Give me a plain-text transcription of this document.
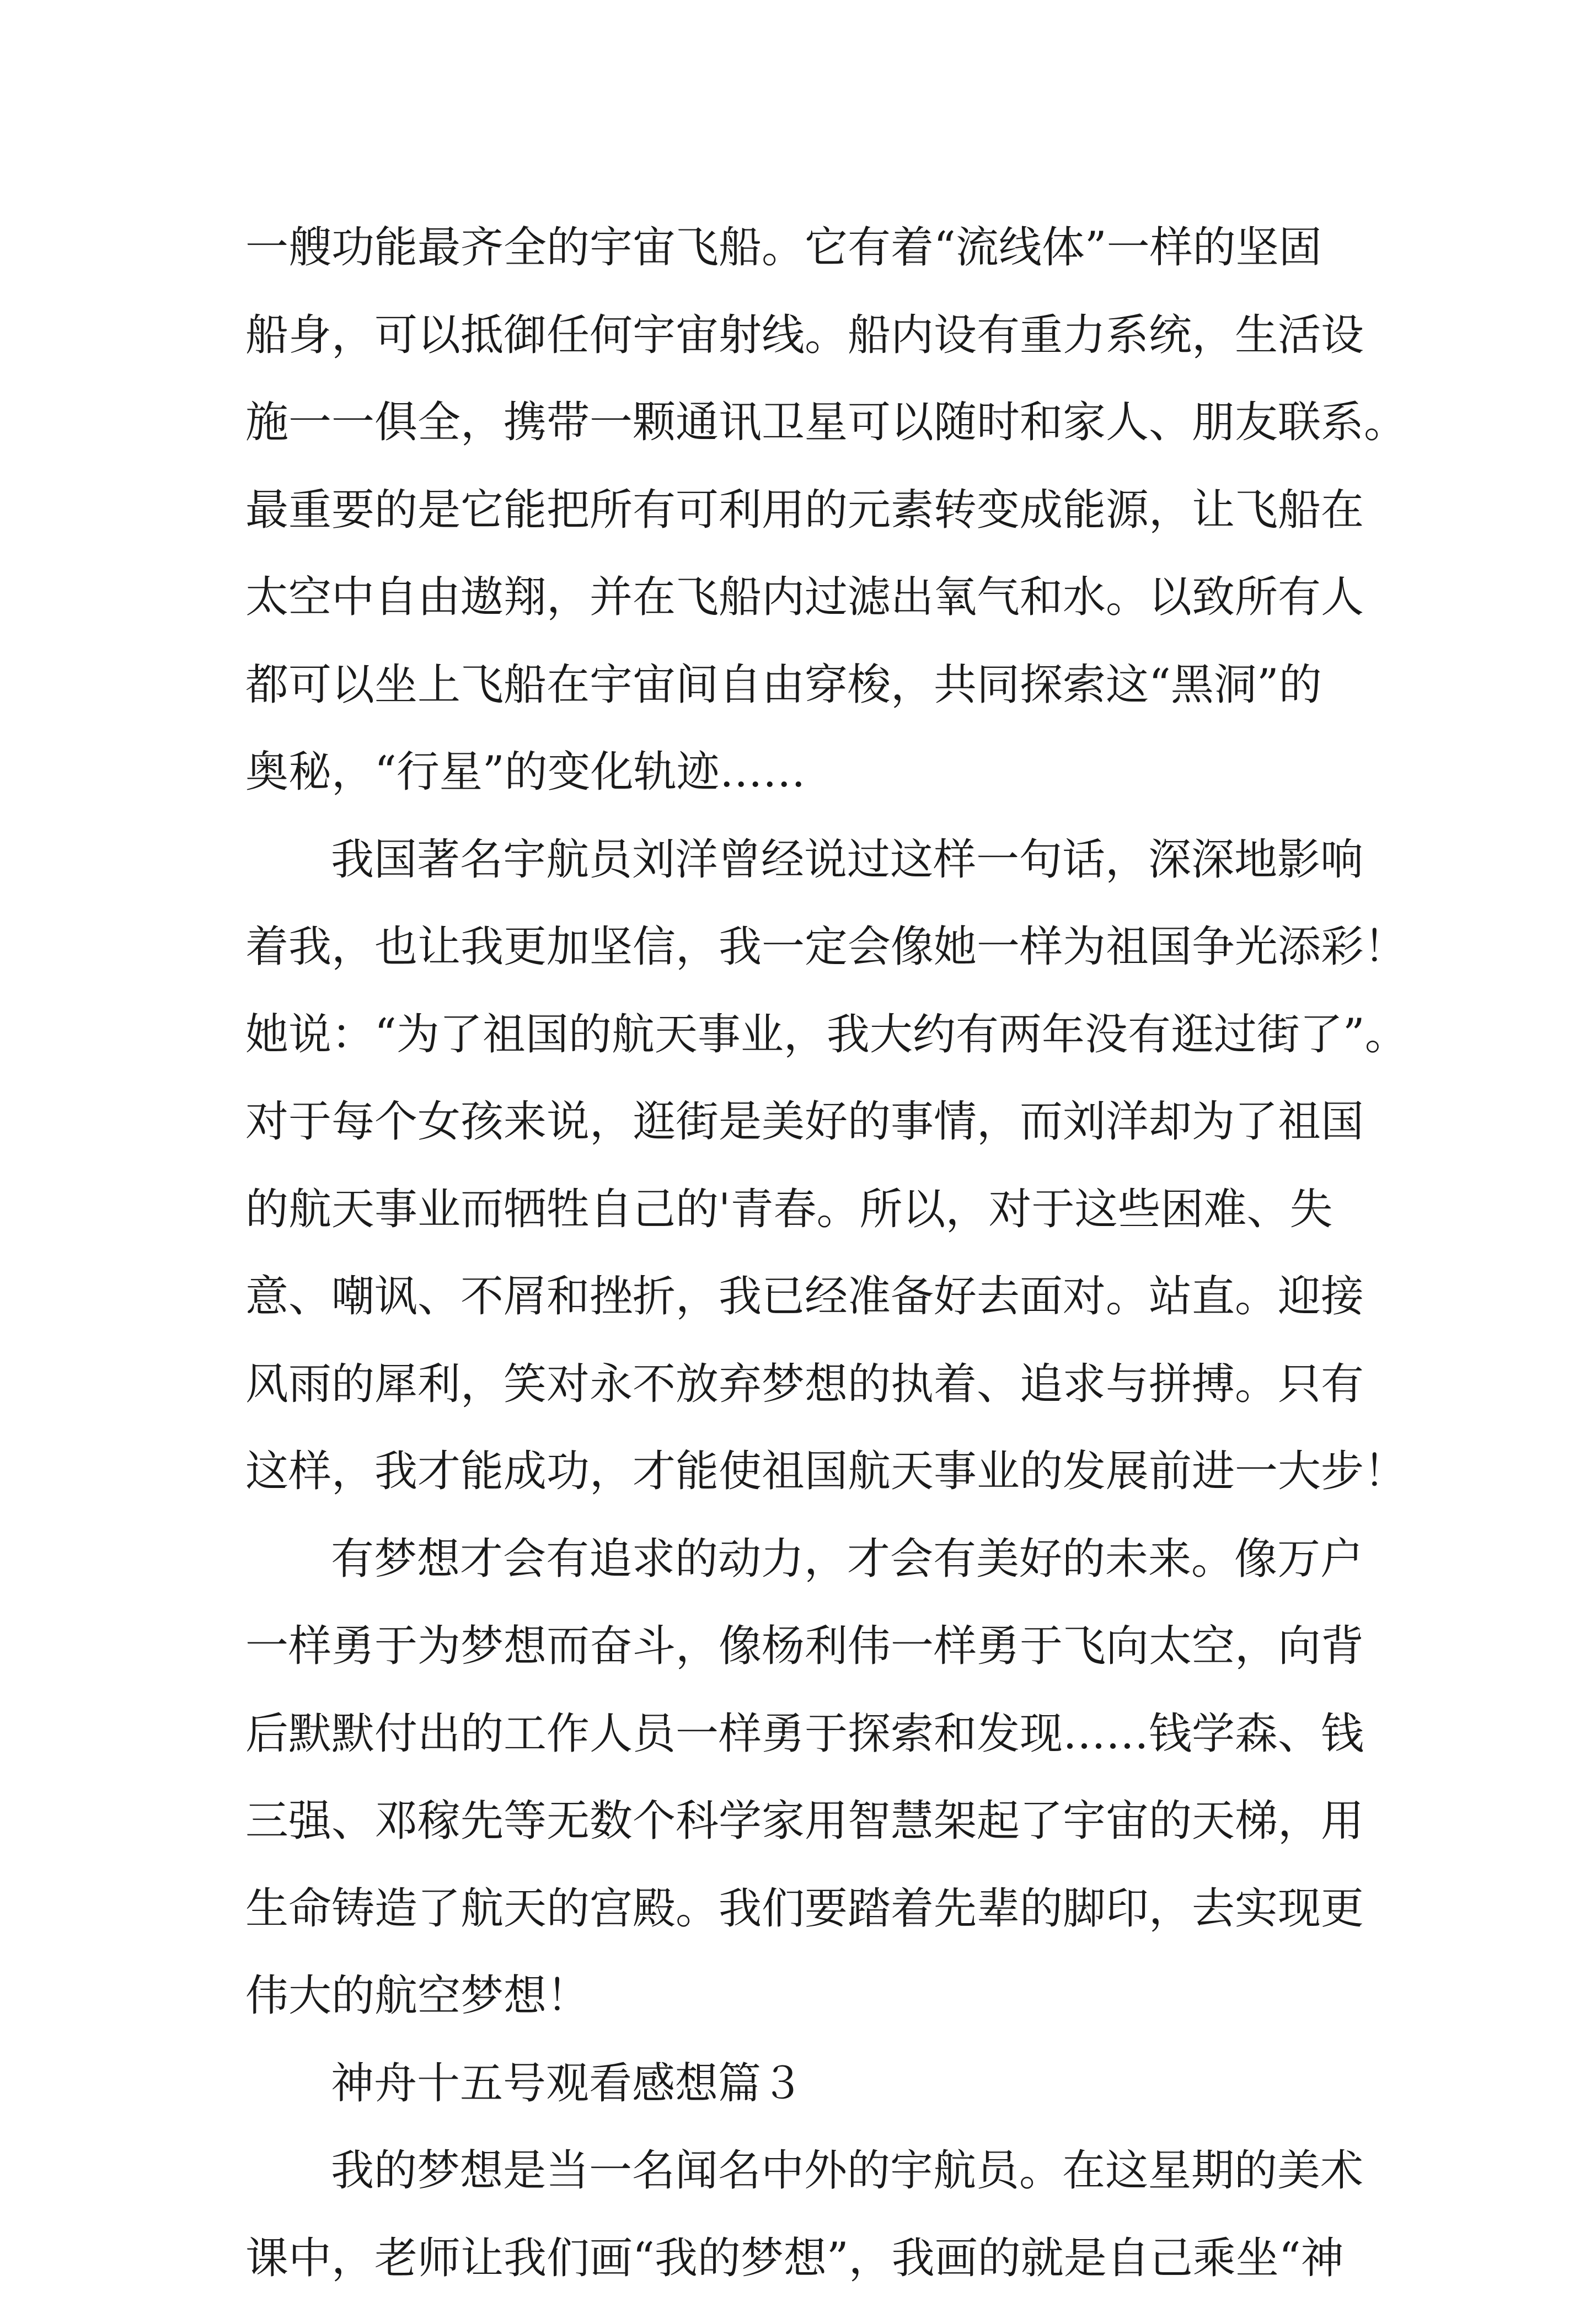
一艘功能最齐全的宇宙飞船。它有着“流线体”一样的坚固
船身，可以抵御任何宇宙射线。船内设有重力系统，生活设
施一一俱全，携带一颗通讯卫星可以随时和家人、朋友联系。
最重要的是它能把所有可利用的元素转变成能源，让飞船在
太空中自由遨翔，并在飞船内过滤出氧气和水。以致所有人
都可以坐上飞船在宇宙间自由穿梭，共同探索这“黑洞”的
奥秘，“行星”的变化轨迹……
我国著名宇航员刘洋曾经说过这样一句话，深深地影响
着我，也让我更加坚信，我一定会像她一样为祖国争光添彩！
她说：“为了祖国的航天事业，我大约有两年没有逛过街了”。
对于每个女孩来说，逛街是美好的事情，而刘洋却为了祖国
的航天事业而牺牲自己的'青春。所以，对于这些困难、失
意、嘲讽、不屑和挫折，我已经准备好去面对。站直。迎接
风雨的犀利，笑对永不放弃梦想的执着、追求与拼搏。只有
这样，我才能成功，才能使祖国航天事业的发展前进一大步！
有梦想才会有追求的动力，才会有美好的未来。像万户
一样勇于为梦想而奋斗，像杨利伟一样勇于飞向太空，向背
后默默付出的工作人员一样勇于探索和发现……钱学森、钱
三强、邓稼先等无数个科学家用智慧架起了宇宙的天梯，用
生命铸造了航天的宫殿。我们要踏着先辈的脚印，去实现更
伟大的航空梦想！
神舟十五号观看感想篇３
我的梦想是当一名闻名中外的宇航员。在这星期的美术
课中，老师让我们画“我的梦想”，我画的就是自己乘坐“神
